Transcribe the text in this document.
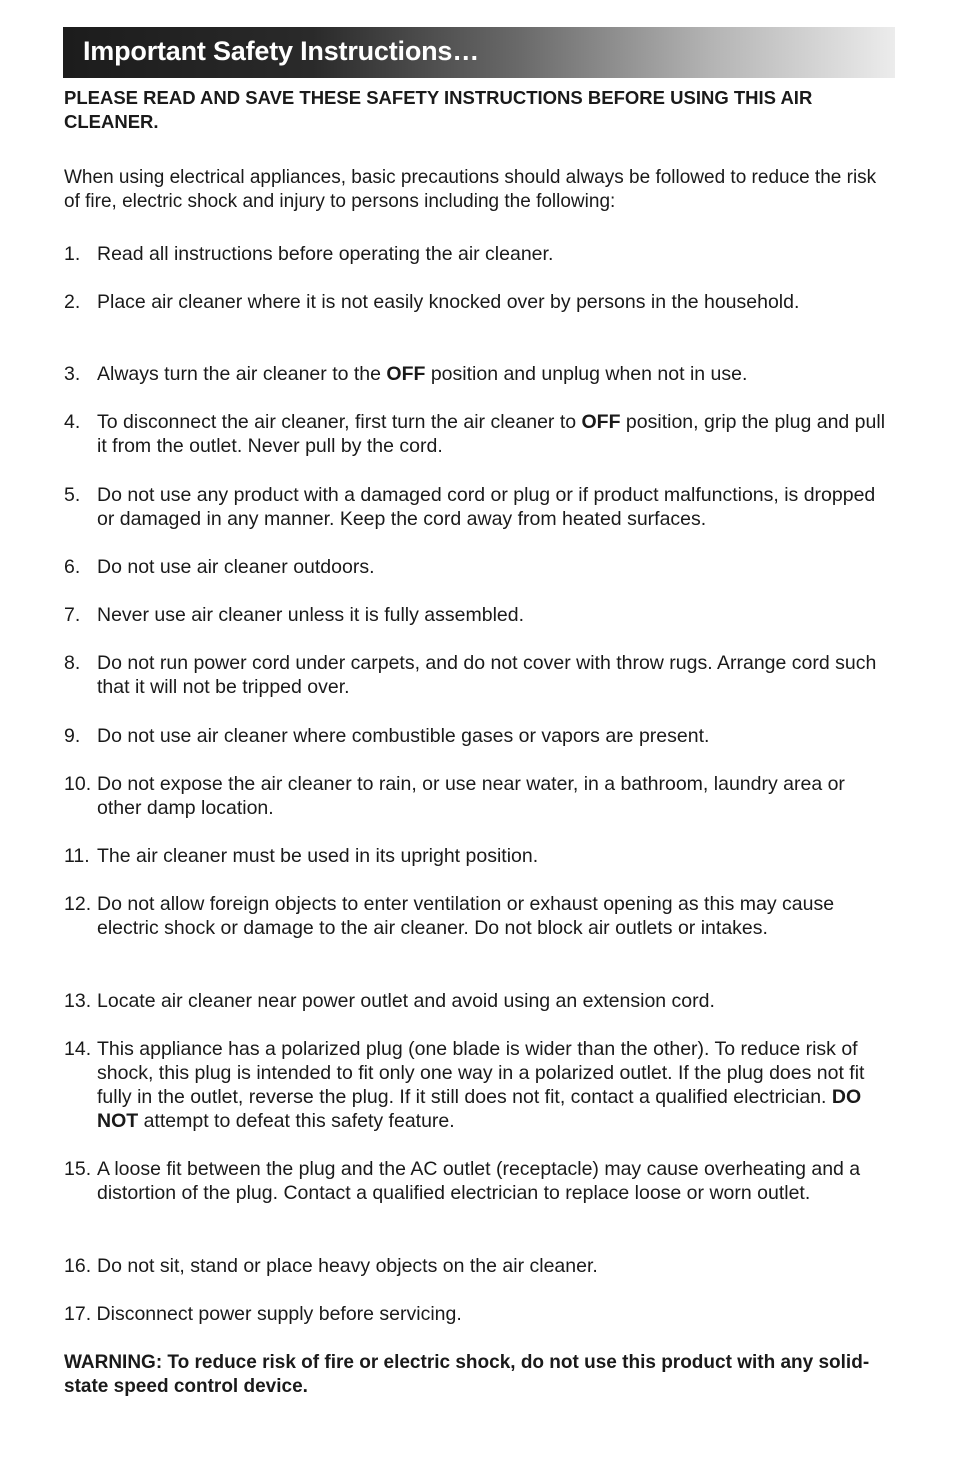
Important Safety Instructions…
PLEASE READ AND SAVE THESE SAFETY INSTRUCTIONS BEFORE USING THIS AIR CLEANER.
When using electrical appliances, basic precautions should always be followed to reduce the risk of fire, electric shock and injury to persons including the following:
1. Read all instructions before operating the air cleaner.
2. Place air cleaner where it is not easily knocked over by persons in the household.
3. Always turn the air cleaner to the OFF position and unplug when not in use.
4. To disconnect the air cleaner, first turn the air cleaner to OFF position, grip the plug and pull it from the outlet. Never pull by the cord.
5. Do not use any product with a damaged cord or plug or if product malfunctions, is dropped or damaged in any manner. Keep the cord away from heated surfaces.
6. Do not use air cleaner outdoors.
7. Never use air cleaner unless it is fully assembled.
8. Do not run power cord under carpets, and do not cover with throw rugs. Arrange cord such that it will not be tripped over.
9. Do not use air cleaner where combustible gases or vapors are present.
10. Do not expose the air cleaner to rain, or use near water, in a bathroom, laundry area or other damp location.
11. The air cleaner must be used in its upright position.
12. Do not allow foreign objects to enter ventilation or exhaust opening as this may cause electric shock or damage to the air cleaner. Do not block air outlets or intakes.
13. Locate air cleaner near power outlet and avoid using an extension cord.
14. This appliance has a polarized plug (one blade is wider than the other). To reduce risk of shock, this plug is intended to fit only one way in a polarized outlet. If the plug does not fit fully in the outlet, reverse the plug. If it still does not fit, contact a qualified electrician. DO NOT attempt to defeat this safety feature.
15. A loose fit between the plug and the AC outlet (receptacle) may cause overheating and a distortion of the plug. Contact a qualified electrician to replace loose or worn outlet.
16. Do not sit, stand or place heavy objects on the air cleaner.
17. Disconnect power supply before servicing.
WARNING: To reduce risk of fire or electric shock, do not use this product with any solid-state speed control device.
